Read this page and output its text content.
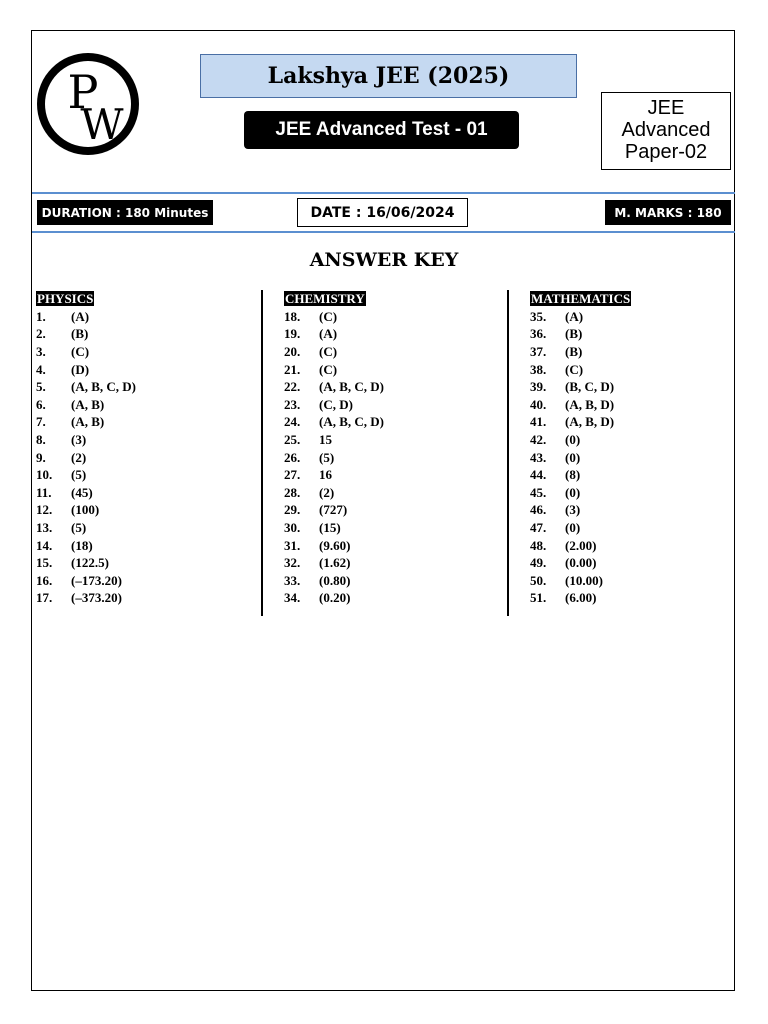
P
W
Lakshya JEE (2025)
JEE Advanced Test - 01
JEE
Advanced
Paper-02
DURATION : 180 Minutes	DATE : 16/06/2024	M. MARKS : 180
ANSWER KEY
PHYSICS
1.	(A)
2.	(B)
3.	(C)
4.	(D)
5.	(A, B, C, D)
6.	(A, B)
7.	(A, B)
8.	(3)
9.	(2)
10.	(5)
11.	(45)
12.	(100)
13.	(5)
14.	(18)
15.	(122.5)
16.	(–173.20)
17.	(–373.20)
CHEMISTRY
18.	(C)
19.	(A)
20.	(C)
21.	(C)
22.	(A, B, C, D)
23.	(C, D)
24.	(A, B, C, D)
25.	15
26.	(5)
27.	16
28.	(2)
29.	(727)
30.	(15)
31.	(9.60)
32.	(1.62)
33.	(0.80)
34.	(0.20)
MATHEMATICS
35.	(A)
36.	(B)
37.	(B)
38.	(C)
39.	(B, C, D)
40.	(A, B, D)
41.	(A, B, D)
42.	(0)
43.	(0)
44.	(8)
45.	(0)
46.	(3)
47.	(0)
48.	(2.00)
49.	(0.00)
50.	(10.00)
51.	(6.00)
